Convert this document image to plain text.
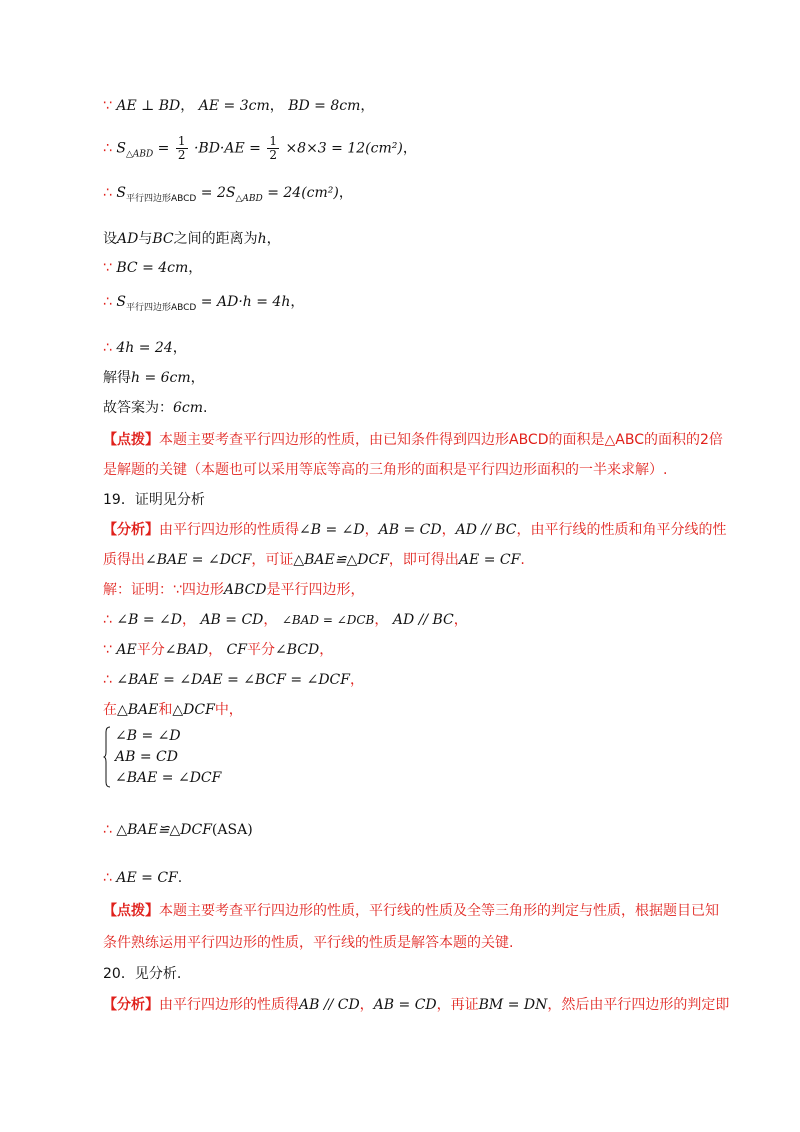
∵ AE ⊥ BD， AE = 3cm， BD = 8cm，
∴ $S_{\triangle ABD} = \frac{1}{2} \cdot BD\cdot AE = \frac{1}{2} \times 8\times 3 = 12(cm^2)$，
∴ $S_{平行四边形ABCD} = 2S_{\triangle ABD} = 24(cm^2)$，
设AD与BC之间的距离为h，
∵ BC = 4cm，
∴ $S_{平行四边形ABCD} = AD\cdot h = 4h$，
∴ 4h = 24，
解得h = 6cm，
故答案为：6cm.
【点拨】本题主要考查平行四边形的性质，由已知条件得到四边形ABCD的面积是△ABC的面积的2倍
是解题的关键（本题也可以采用等底等高的三角形的面积是平行四边形面积的一半来求解）.
19．证明见分析
【分析】由平行四边形的性质得∠B = ∠D，AB = CD，AD // BC，由平行线的性质和角平分线的性
质得出∠BAE = ∠DCF，可证△BAE≌△DCF，即可得出AE = CF.
解：证明：∵四边形ABCD是平行四边形，
∴ ∠B = ∠D， AB = CD， ∠BAD = ∠DCB， AD // BC，
∵ AE平分∠BAD， CF平分∠BCD，
∴ ∠BAE = ∠DAE = ∠BCF = ∠DCF，
在△BAE和△DCF中，
∠B = ∠D
AB = CD
∠BAE = ∠DCF
∴ △BAE≌△DCF(ASA)
∴ AE = CF.
【点拨】本题主要考查平行四边形的性质，平行线的性质及全等三角形的判定与性质，根据题目已知
条件熟练运用平行四边形的性质，平行线的性质是解答本题的关键.
20．见分析.
【分析】由平行四边形的性质得AB // CD，AB = CD，再证BM = DN，然后由平行四边形的判定即
